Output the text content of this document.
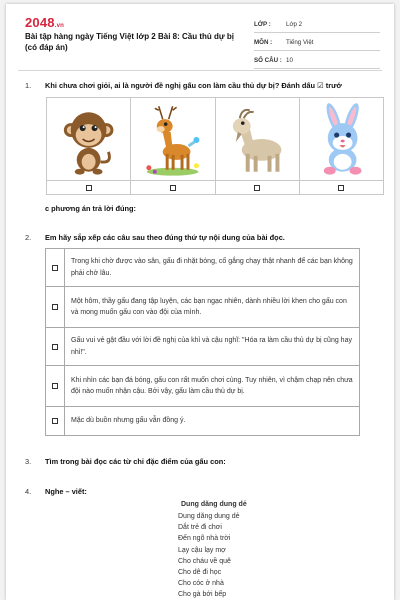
2048.vn
Bài tập hàng ngày Tiếng Việt lớp 2 Bài 8: Cầu thủ dự bị (có đáp án)
LỚP :	Lớp 2
MÔN :	Tiếng Việt
SỐ CÂU : 10
1. Khi chưa chơi giỏi, ai là người đề nghị gấu con làm cầu thủ dự bị? Đánh dấu ☑ trướ
c phương án trả lời đúng:
2. Em hãy sắp xếp các câu sau theo đúng thứ tự nội dung của bài đọc.
Trong khi chờ được vào sân, gấu đi nhặt bóng, cố gắng chạy thật nhanh để các bạn không phải chờ lâu.
Một hôm, thầy gấu đang tập luyện, các bạn ngạc nhiên, dành nhiều lời khen cho gấu con và mong muốn gấu con vào đội của mình.
Gấu vui vẻ gật đầu với lời đề nghị của khỉ và cậu nghĩ: "Hóa ra làm cầu thủ dự bị cũng hay nhỉ!".
Khi nhìn các bạn đá bóng, gấu con rất muốn chơi cùng. Tuy nhiên, vì chậm chạp nên chưa đội nào muốn nhận cậu. Bởi vậy, gấu làm cầu thủ dự bị.
Mặc dù buồn nhưng gấu vẫn đồng ý.
3. Tìm trong bài đọc các từ chỉ đặc điểm của gấu con:
4. Nghe – viết:
Dung dăng dung dẻ
Dung dăng dung dẻ
Dắt trẻ đi chơi
Đến ngõ nhà trời
Lạy cậu lạy mợ
Cho cháu về quê
Cho dê đi học
Cho cóc ở nhà
Cho gà bới bếp
